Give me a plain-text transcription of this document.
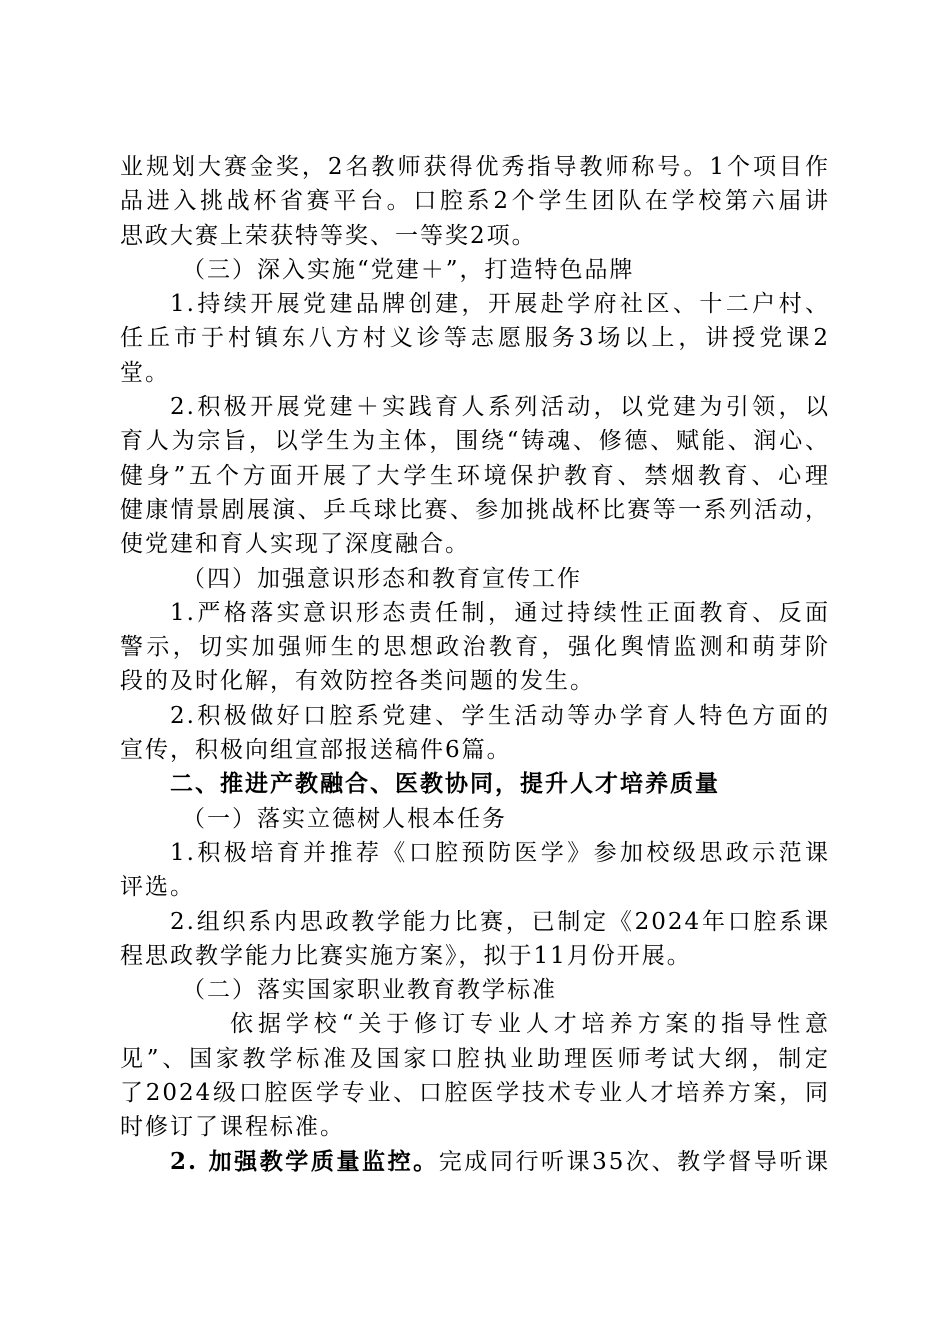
业规划大赛金奖，2名教师获得优秀指导教师称号。1个项目作
品进入挑战杯省赛平台。口腔系2个学生团队在学校第六届讲
思政大赛上荣获特等奖、一等奖2项。
（三）深入实施“党建＋”，打造特色品牌
1.持续开展党建品牌创建，开展赴学府社区、十二户村、
任丘市于村镇东八方村义诊等志愿服务3场以上，讲授党课2
堂。
2.积极开展党建＋实践育人系列活动，以党建为引领，以
育人为宗旨，以学生为主体，围绕“铸魂、修德、赋能、润心、
健身”五个方面开展了大学生环境保护教育、禁烟教育、心理
健康情景剧展演、乒乓球比赛、参加挑战杯比赛等一系列活动，
使党建和育人实现了深度融合。
（四）加强意识形态和教育宣传工作
1.严格落实意识形态责任制，通过持续性正面教育、反面
警示，切实加强师生的思想政治教育，强化舆情监测和萌芽阶
段的及时化解，有效防控各类问题的发生。
2.积极做好口腔系党建、学生活动等办学育人特色方面的
宣传，积极向组宣部报送稿件6篇。
二、推进产教融合、医教协同，提升人才培养质量
（一）落实立德树人根本任务
1.积极培育并推荐《口腔预防医学》参加校级思政示范课
评选。
2.组织系内思政教学能力比赛，已制定《2024年口腔系课
程思政教学能力比赛实施方案》，拟于11月份开展。
（二）落实国家职业教育教学标准
依据学校“关于修订专业人才培养方案的指导性意
见”、国家教学标准及国家口腔执业助理医师考试大纲，制定
了2024级口腔医学专业、口腔医学技术专业人才培养方案，同
时修订了课程标准。
2. 加强教学质量监控。完成同行听课35次、教学督导听课
